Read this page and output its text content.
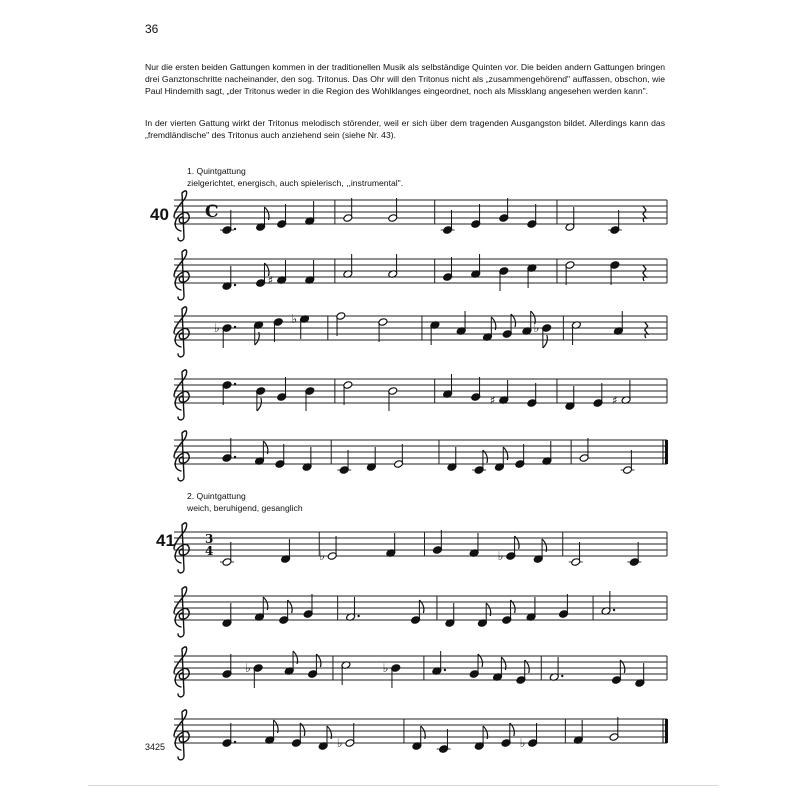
36

Nur die ersten beiden Gattungen kommen in der traditionellen Musik als selbständige Quinten vor. Die beiden andern Gattungen bringen drei Ganztonschritte nacheinander, den sog. Tritonus. Das Ohr will den Tritonus nicht als „zusammengehörend" auffassen, obschon, wie Paul Hindemith sagt, „der Tritonus weder in die Region des Wohlklanges eingeordnet, noch als Missklang angesehen werden kann".

In der vierten Gattung wirkt der Tritonus melodisch störender, weil er sich über dem tragenden Ausgangston bildet. Allerdings kann das „fremdländische" des Tritonus auch anziehend sein (siehe Nr. 43).

1. Quintgattung
zielgerichtet, energisch, auch spielerisch, ,,instrumental".
40
2. Quintgattung
weich, beruhigend, gesanglich
41
C
♯
♭
♭
♭
♯	♯
3
4	♭	♭
♭	♭
♭	♭
3425
